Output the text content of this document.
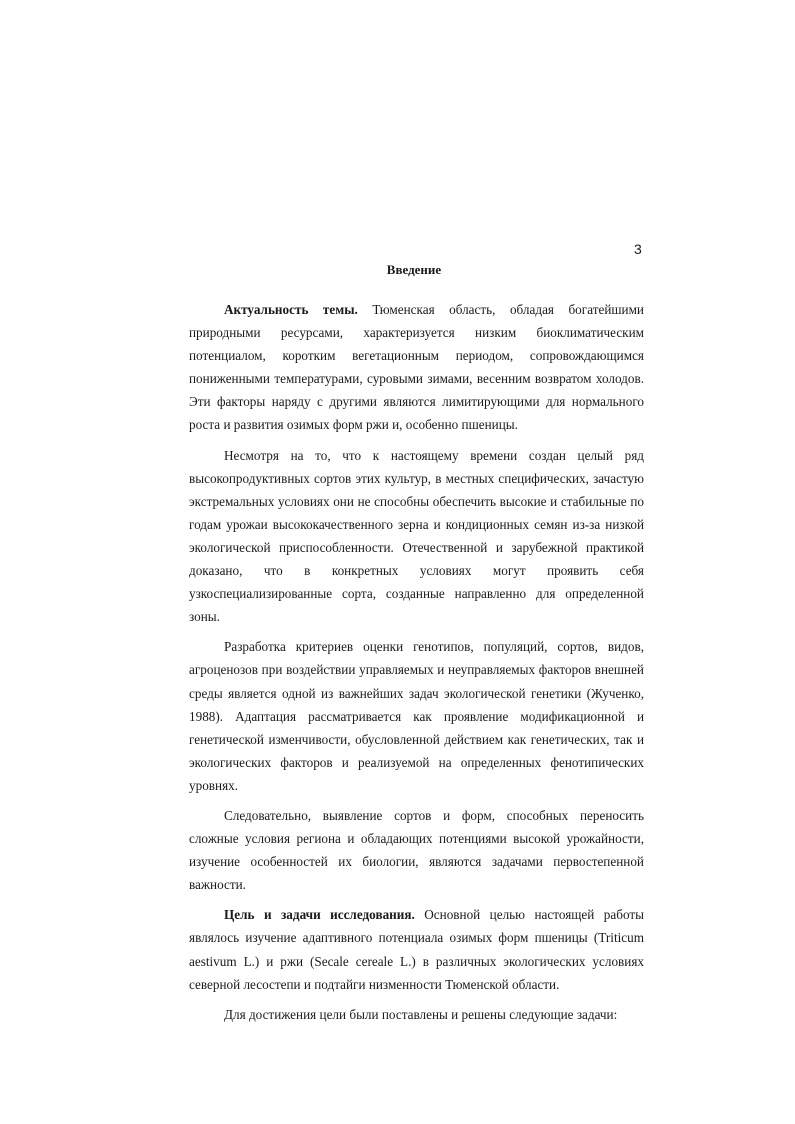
3
Введение

Актуальность темы. Тюменская область, обладая богатейшими природными ресурсами, характеризуется низким биоклиматическим потенциалом, коротким вегетационным периодом, сопровождающимся пониженными температурами, суровыми зимами, весенним возвратом холодов. Эти факторы наряду с другими являются лимитирующими для нормального роста и развития озимых форм ржи и, особенно пшеницы.

Несмотря на то, что к настоящему времени создан целый ряд высокопродуктивных сортов этих культур, в местных специфических, зачастую экстремальных условиях они не способны обеспечить высокие и стабильные по годам урожаи высококачественного зерна и кондиционных семян из-за низкой экологической приспособленности. Отечественной и зарубежной практикой доказано, что в конкретных условиях могут проявить себя узкоспециализированные сорта, созданные направленно для определенной зоны.

Разработка критериев оценки генотипов, популяций, сортов, видов, агроценозов при воздействии управляемых и неуправляемых факторов внешней среды является одной из важнейших задач экологической генетики (Жученко, 1988). Адаптация рассматривается как проявление модификационной и генетической изменчивости, обусловленной действием как генетических, так и экологических факторов и реализуемой на определенных фенотипических уровнях.

Следовательно, выявление сортов и форм, способных переносить сложные условия региона и обладающих потенциями высокой урожайности, изучение особенностей их биологии, являются задачами первостепенной важности.

Цель и задачи исследования. Основной целью настоящей работы являлось изучение адаптивного потенциала озимых форм пшеницы (Triticum aestivum L.) и ржи (Secale cereale L.) в различных экологических условиях северной лесостепи и подтайги низменности Тюменской области.

Для достижения цели были поставлены и решены следующие задачи:
